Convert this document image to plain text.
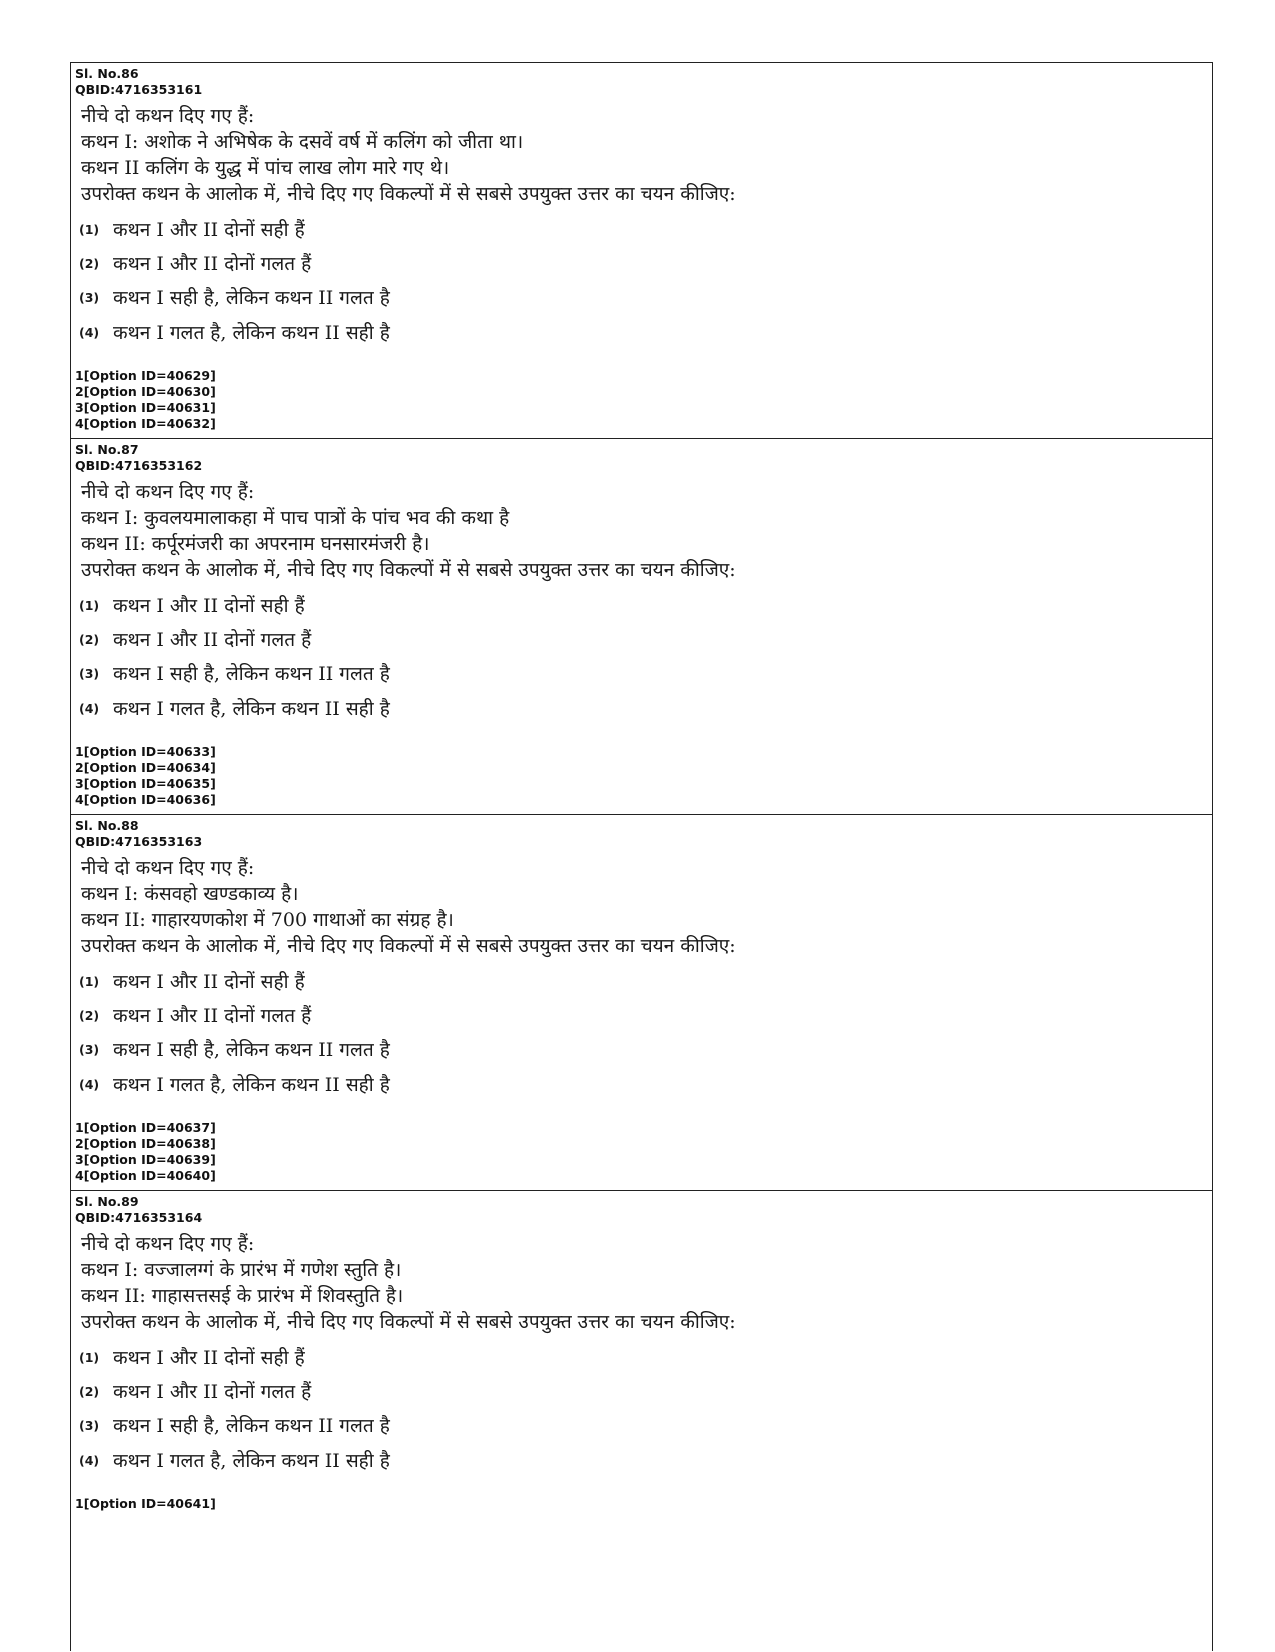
Sl. No.86
QBID:4716353161
नीचे दो कथन दिए गए हैं:
कथन I: अशोक ने अभिषेक के दसवें वर्ष में कलिंग को जीता था।
कथन II कलिंग के युद्ध में पांच लाख लोग मारे गए थे।
उपरोक्त कथन के आलोक में, नीचे दिए गए विकल्पों में से सबसे उपयुक्त उत्तर का चयन कीजिए:
(1) कथन I और II दोनों सही हैं
(2) कथन I और II दोनों गलत हैं
(3) कथन I सही है, लेकिन कथन II गलत है
(4) कथन I गलत है, लेकिन कथन II सही है
1[Option ID=40629]
2[Option ID=40630]
3[Option ID=40631]
4[Option ID=40632]
Sl. No.87
QBID:4716353162
नीचे दो कथन दिए गए हैं:
कथन I: कुवलयमालाकहा में पाच पात्रों के पांच भव की कथा है
कथन II: कर्पूरमंजरी का अपरनाम घनसारमंजरी है।
उपरोक्त कथन के आलोक में, नीचे दिए गए विकल्पों में से सबसे उपयुक्त उत्तर का चयन कीजिए:
(1) कथन I और II दोनों सही हैं
(2) कथन I और II दोनों गलत हैं
(3) कथन I सही है, लेकिन कथन II गलत है
(4) कथन I गलत है, लेकिन कथन II सही है
1[Option ID=40633]
2[Option ID=40634]
3[Option ID=40635]
4[Option ID=40636]
Sl. No.88
QBID:4716353163
नीचे दो कथन दिए गए हैं:
कथन I: कंसवहो खण्डकाव्य है।
कथन II: गाहारयणकोश में 700 गाथाओं का संग्रह है।
उपरोक्त कथन के आलोक में, नीचे दिए गए विकल्पों में से सबसे उपयुक्त उत्तर का चयन कीजिए:
(1) कथन I और II दोनों सही हैं
(2) कथन I और II दोनों गलत हैं
(3) कथन I सही है, लेकिन कथन II गलत है
(4) कथन I गलत है, लेकिन कथन II सही है
1[Option ID=40637]
2[Option ID=40638]
3[Option ID=40639]
4[Option ID=40640]
Sl. No.89
QBID:4716353164
नीचे दो कथन दिए गए हैं:
कथन I: वज्जालग्गं के प्रारंभ में गणेश स्तुति है।
कथन II: गाहासत्तसई के प्रारंभ में शिवस्तुति है।
उपरोक्त कथन के आलोक में, नीचे दिए गए विकल्पों में से सबसे उपयुक्त उत्तर का चयन कीजिए:
(1) कथन I और II दोनों सही हैं
(2) कथन I और II दोनों गलत हैं
(3) कथन I सही है, लेकिन कथन II गलत है
(4) कथन I गलत है, लेकिन कथन II सही है
1[Option ID=40641]
